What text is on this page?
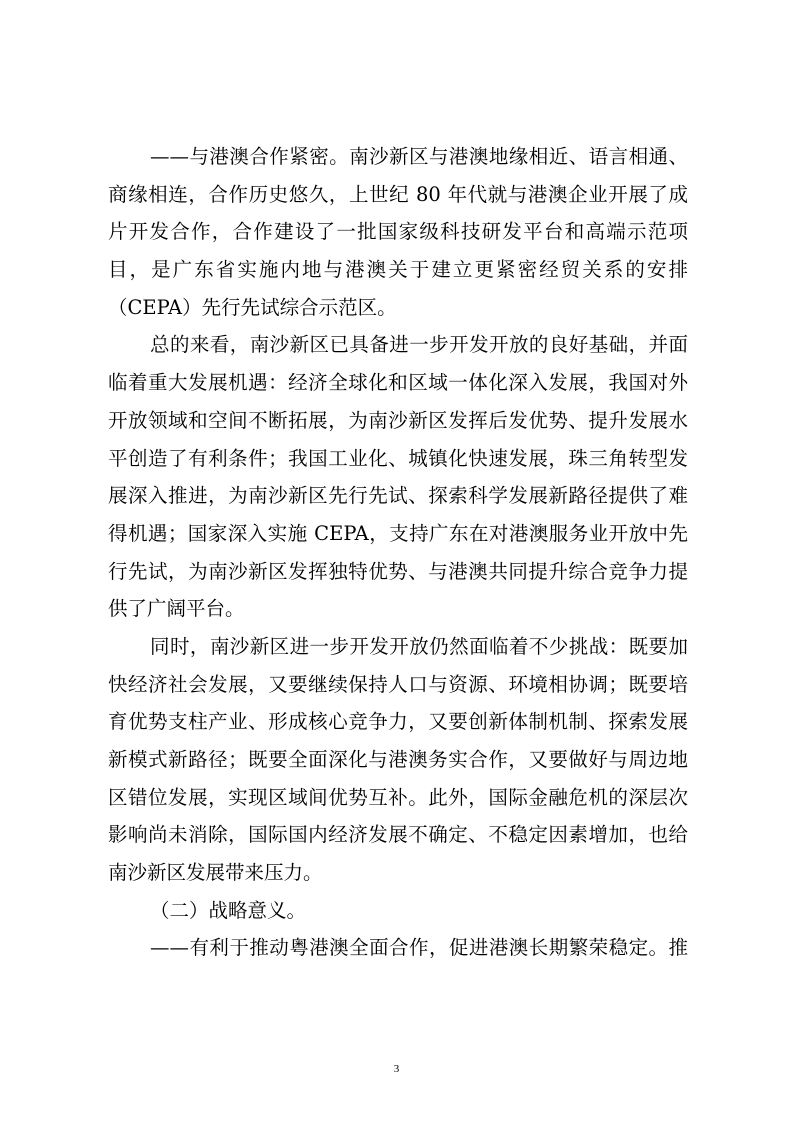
——与港澳合作紧密。南沙新区与港澳地缘相近、语言相通、
商缘相连，合作历史悠久，上世纪 80 年代就与港澳企业开展了成
片开发合作，合作建设了一批国家级科技研发平台和高端示范项
目，是广东省实施内地与港澳关于建立更紧密经贸关系的安排
（CEPA）先行先试综合示范区。
总的来看，南沙新区已具备进一步开发开放的良好基础，并面
临着重大发展机遇：经济全球化和区域一体化深入发展，我国对外
开放领域和空间不断拓展，为南沙新区发挥后发优势、提升发展水
平创造了有利条件；我国工业化、城镇化快速发展，珠三角转型发
展深入推进，为南沙新区先行先试、探索科学发展新路径提供了难
得机遇；国家深入实施 CEPA，支持广东在对港澳服务业开放中先
行先试，为南沙新区发挥独特优势、与港澳共同提升综合竞争力提
供了广阔平台。
同时，南沙新区进一步开发开放仍然面临着不少挑战：既要加
快经济社会发展，又要继续保持人口与资源、环境相协调；既要培
育优势支柱产业、形成核心竞争力，又要创新体制机制、探索发展
新模式新路径；既要全面深化与港澳务实合作，又要做好与周边地
区错位发展，实现区域间优势互补。此外，国际金融危机的深层次
影响尚未消除，国际国内经济发展不确定、不稳定因素增加，也给
南沙新区发展带来压力。
（二）战略意义。
——有利于推动粤港澳全面合作，促进港澳长期繁荣稳定。推
3
